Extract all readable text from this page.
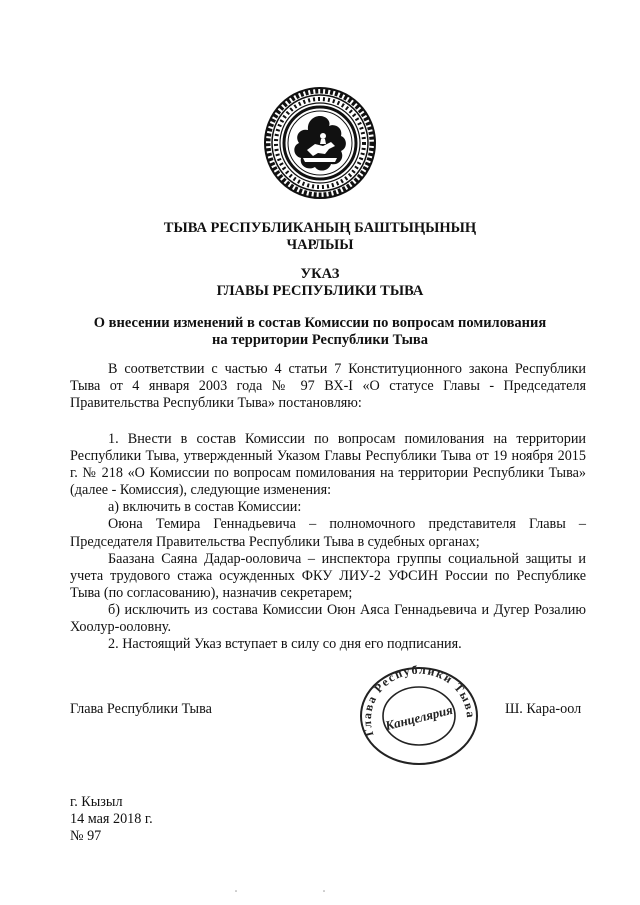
ТЫВА РЕСПУБЛИКАНЫҢ БАШТЫҢЫНЫҢ
ЧАРЛЫЫ
УКАЗ
ГЛАВЫ РЕСПУБЛИКИ ТЫВА
О внесении изменений в состав Комиссии по вопросам помилования
на территории Республики Тыва

В соответствии с частью 4 статьи 7 Конституционного закона Республики Тыва от 4 января 2003 года № 97 ВХ-I «О статусе Главы - Председателя Правительства Республики Тыва» постановляю:

1. Внести в состав Комиссии по вопросам помилования на территории Республики Тыва, утвержденный Указом Главы Республики Тыва от 19 ноября 2015 г. № 218 «О Комиссии по вопросам помилования на территории Республики Тыва» (далее - Комиссия), следующие изменения:
а) включить в состав Комиссии:
Оюна Темира Геннадьевича – полномочного представителя Главы – Председателя Правительства Республики Тыва в судебных органах;
Баазана Саяна Дадар-ооловича – инспектора группы социальной защиты и учета трудового стажа осужденных ФКУ ЛИУ-2 УФСИН России по Республике Тыва (по согласованию), назначив секретарем;
б) исключить из состава Комиссии Оюн Аяса Геннадьевича и Дугер Розалию Хоолур-ооловну.
2. Настоящий Указ вступает в силу со дня его подписания.
Глава Республики Тыва
Глава Республики Тыва
Канцелярия	Ш. Кара-оол
г. Кызыл
14 мая 2018 г.
№ 97
